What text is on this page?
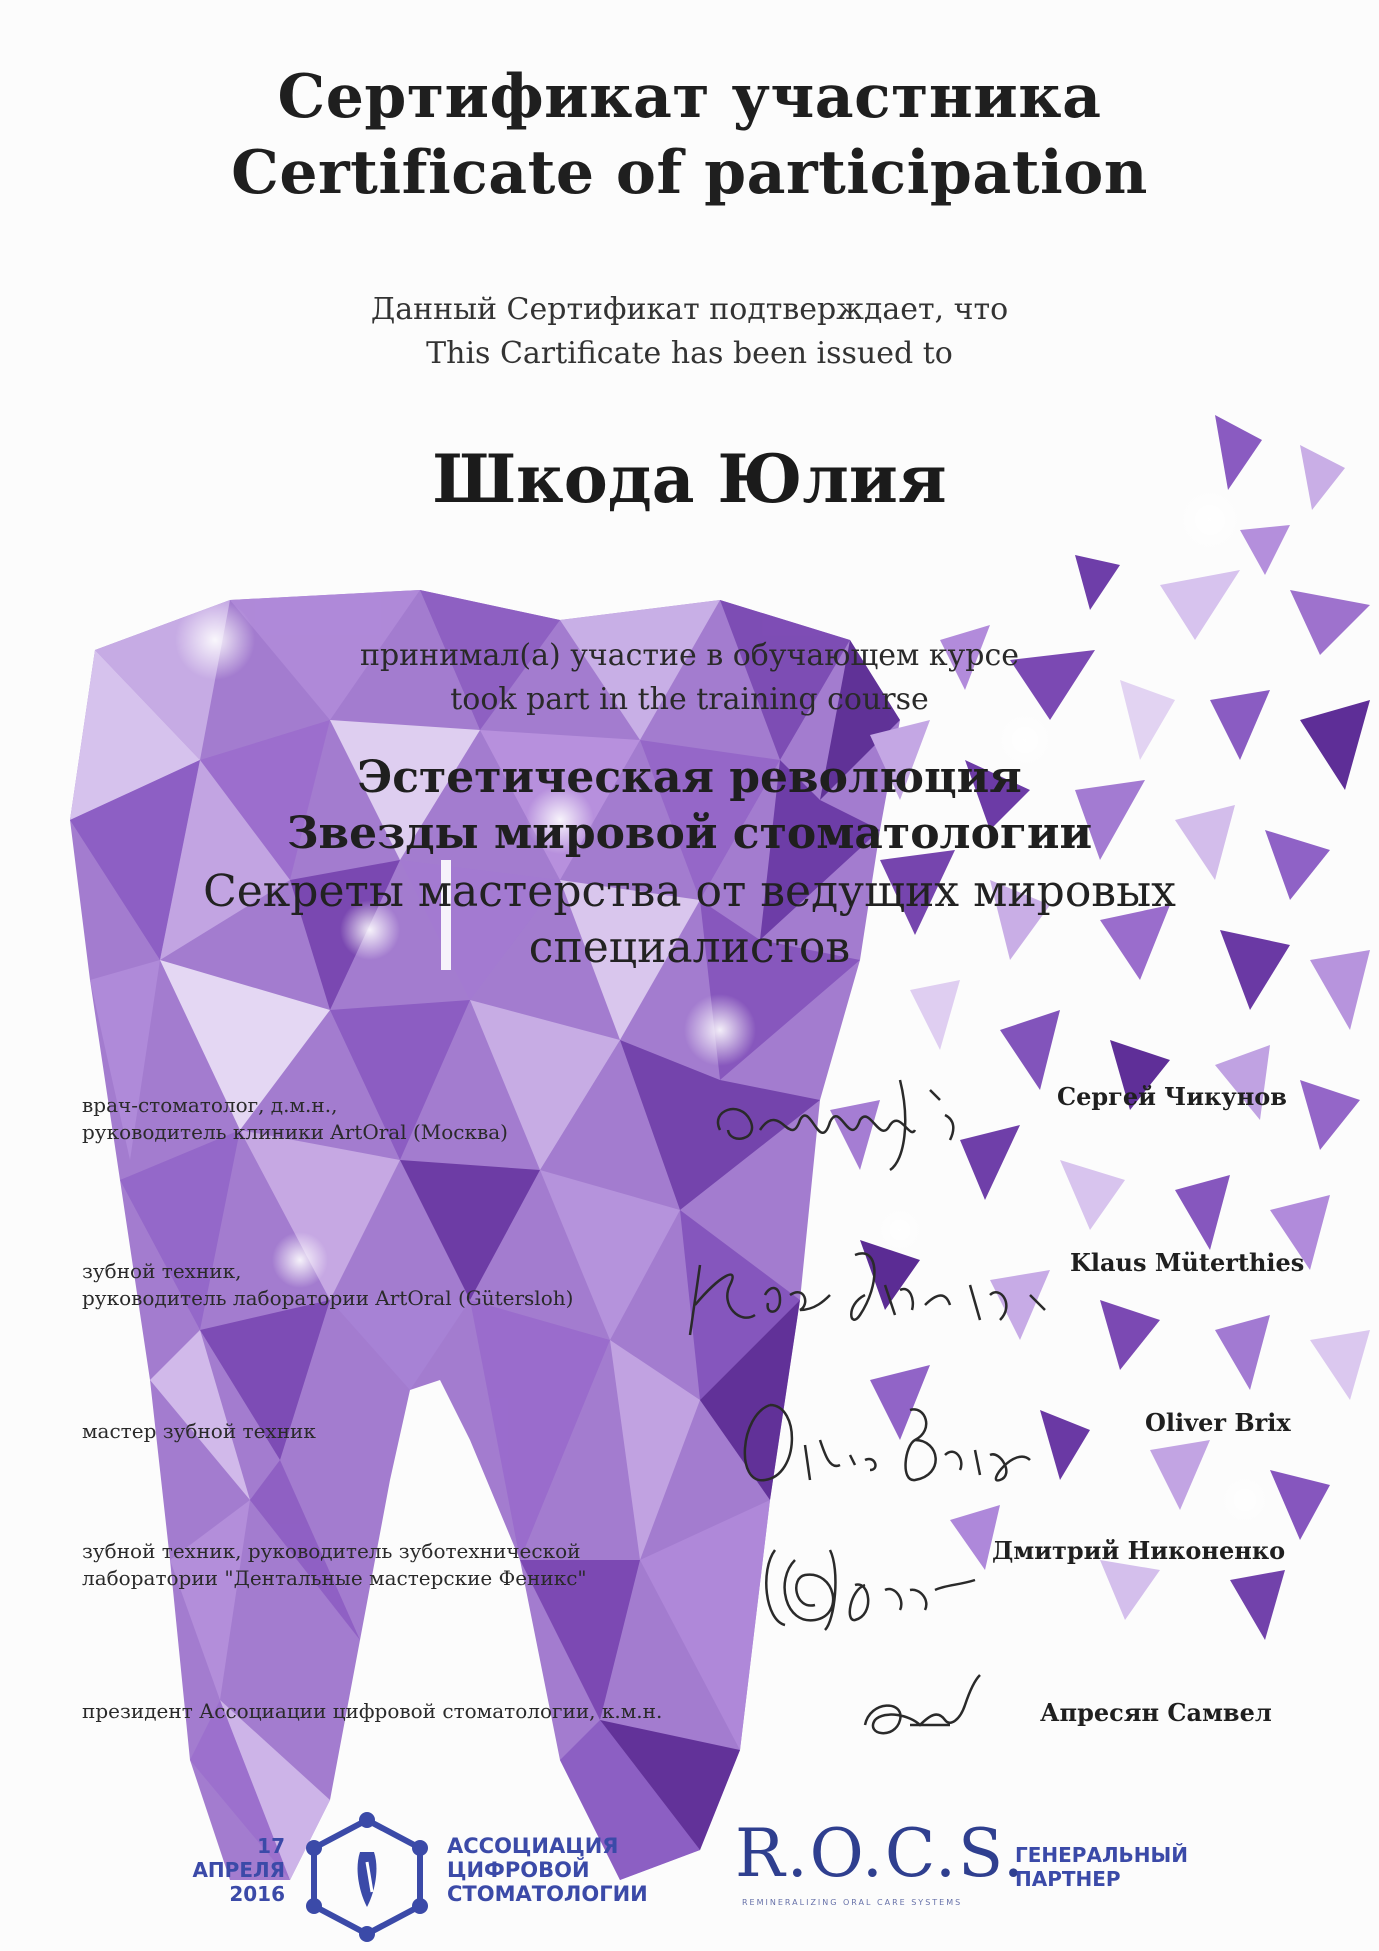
Сертификат участника
Certificate of participation
Данный Сертификат подтверждает, что
This Cartificate has been issued to
Шкода Юлия
принимал(а) участие в обучающем курсе
took part in the training course
Эстетическая революция
Звезды мировой стоматологии
Секреты мастерства от ведущих мировых
специалистов
врач-стоматолог, д.м.н.,
руководитель клиники ArtOral (Москва)
Сергей Чикунов
зубной техник,
руководитель лаборатории ArtOral (Gütersloh)
Klaus Müterthies
мастер зубной техник	Oliver Brix
зубной техник, руководитель зуботехнической
лаборатории "Дентальные мастерские Феникс"
Дмитрий Никоненко
президент Ассоциации цифровой стоматологии, к.м.н.	Апресян Самвел
17
АПРЕЛЯ
2016
АССОЦИАЦИЯ
ЦИФРОВОЙ
СТОМАТОЛОГИИ
R.O.C.S.
REMINERALIZING ORAL CARE SYSTEMS
ГЕНЕРАЛЬНЫЙ
ПАРТНЕР
